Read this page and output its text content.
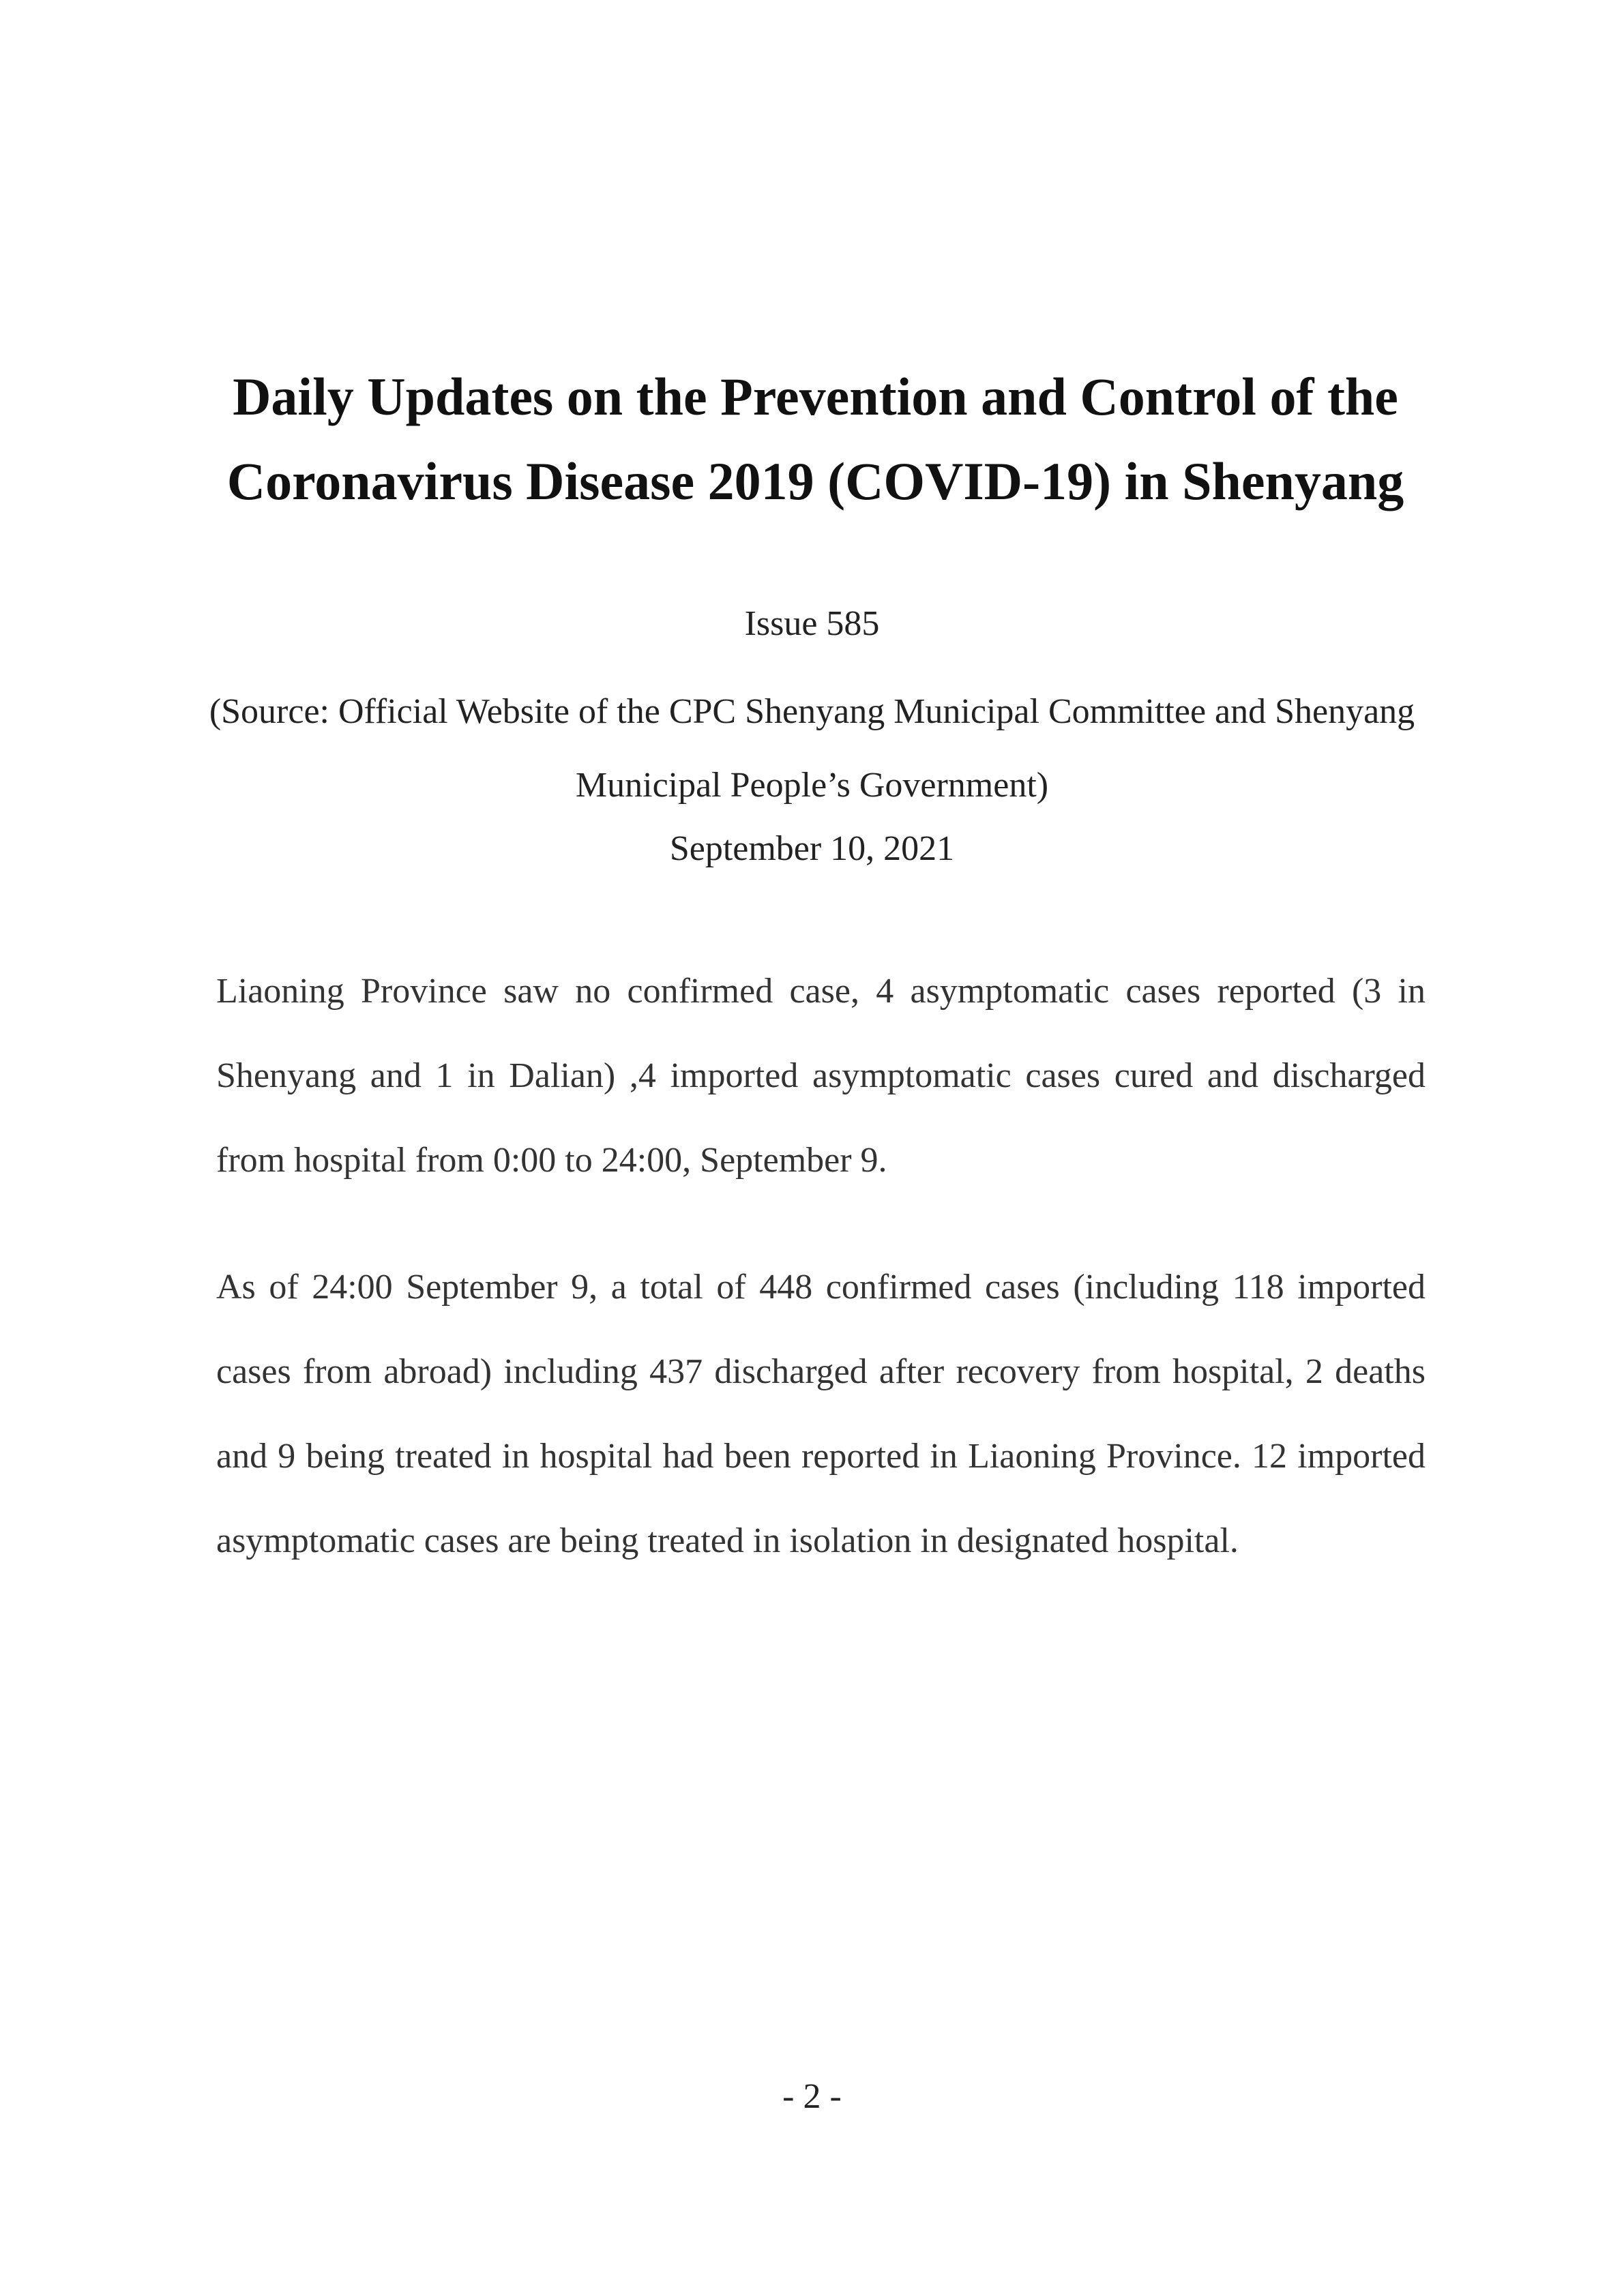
Daily Updates on the Prevention and Control of the Coronavirus Disease 2019 (COVID-19) in Shenyang

Issue 585

(Source: Official Website of the CPC Shenyang Municipal Committee and Shenyang Municipal People’s Government)

September 10, 2021

Liaoning Province saw no confirmed case, 4 asymptomatic cases reported (3 in Shenyang and 1 in Dalian) ,4 imported asymptomatic cases cured and discharged from hospital from 0:00 to 24:00, September 9.

As of 24:00 September 9, a total of 448 confirmed cases (including 118 imported cases from abroad) including 437 discharged after recovery from hospital, 2 deaths and 9 being treated in hospital had been reported in Liaoning Province. 12 imported asymptomatic cases are being treated in isolation in designated hospital.

- 2 -
